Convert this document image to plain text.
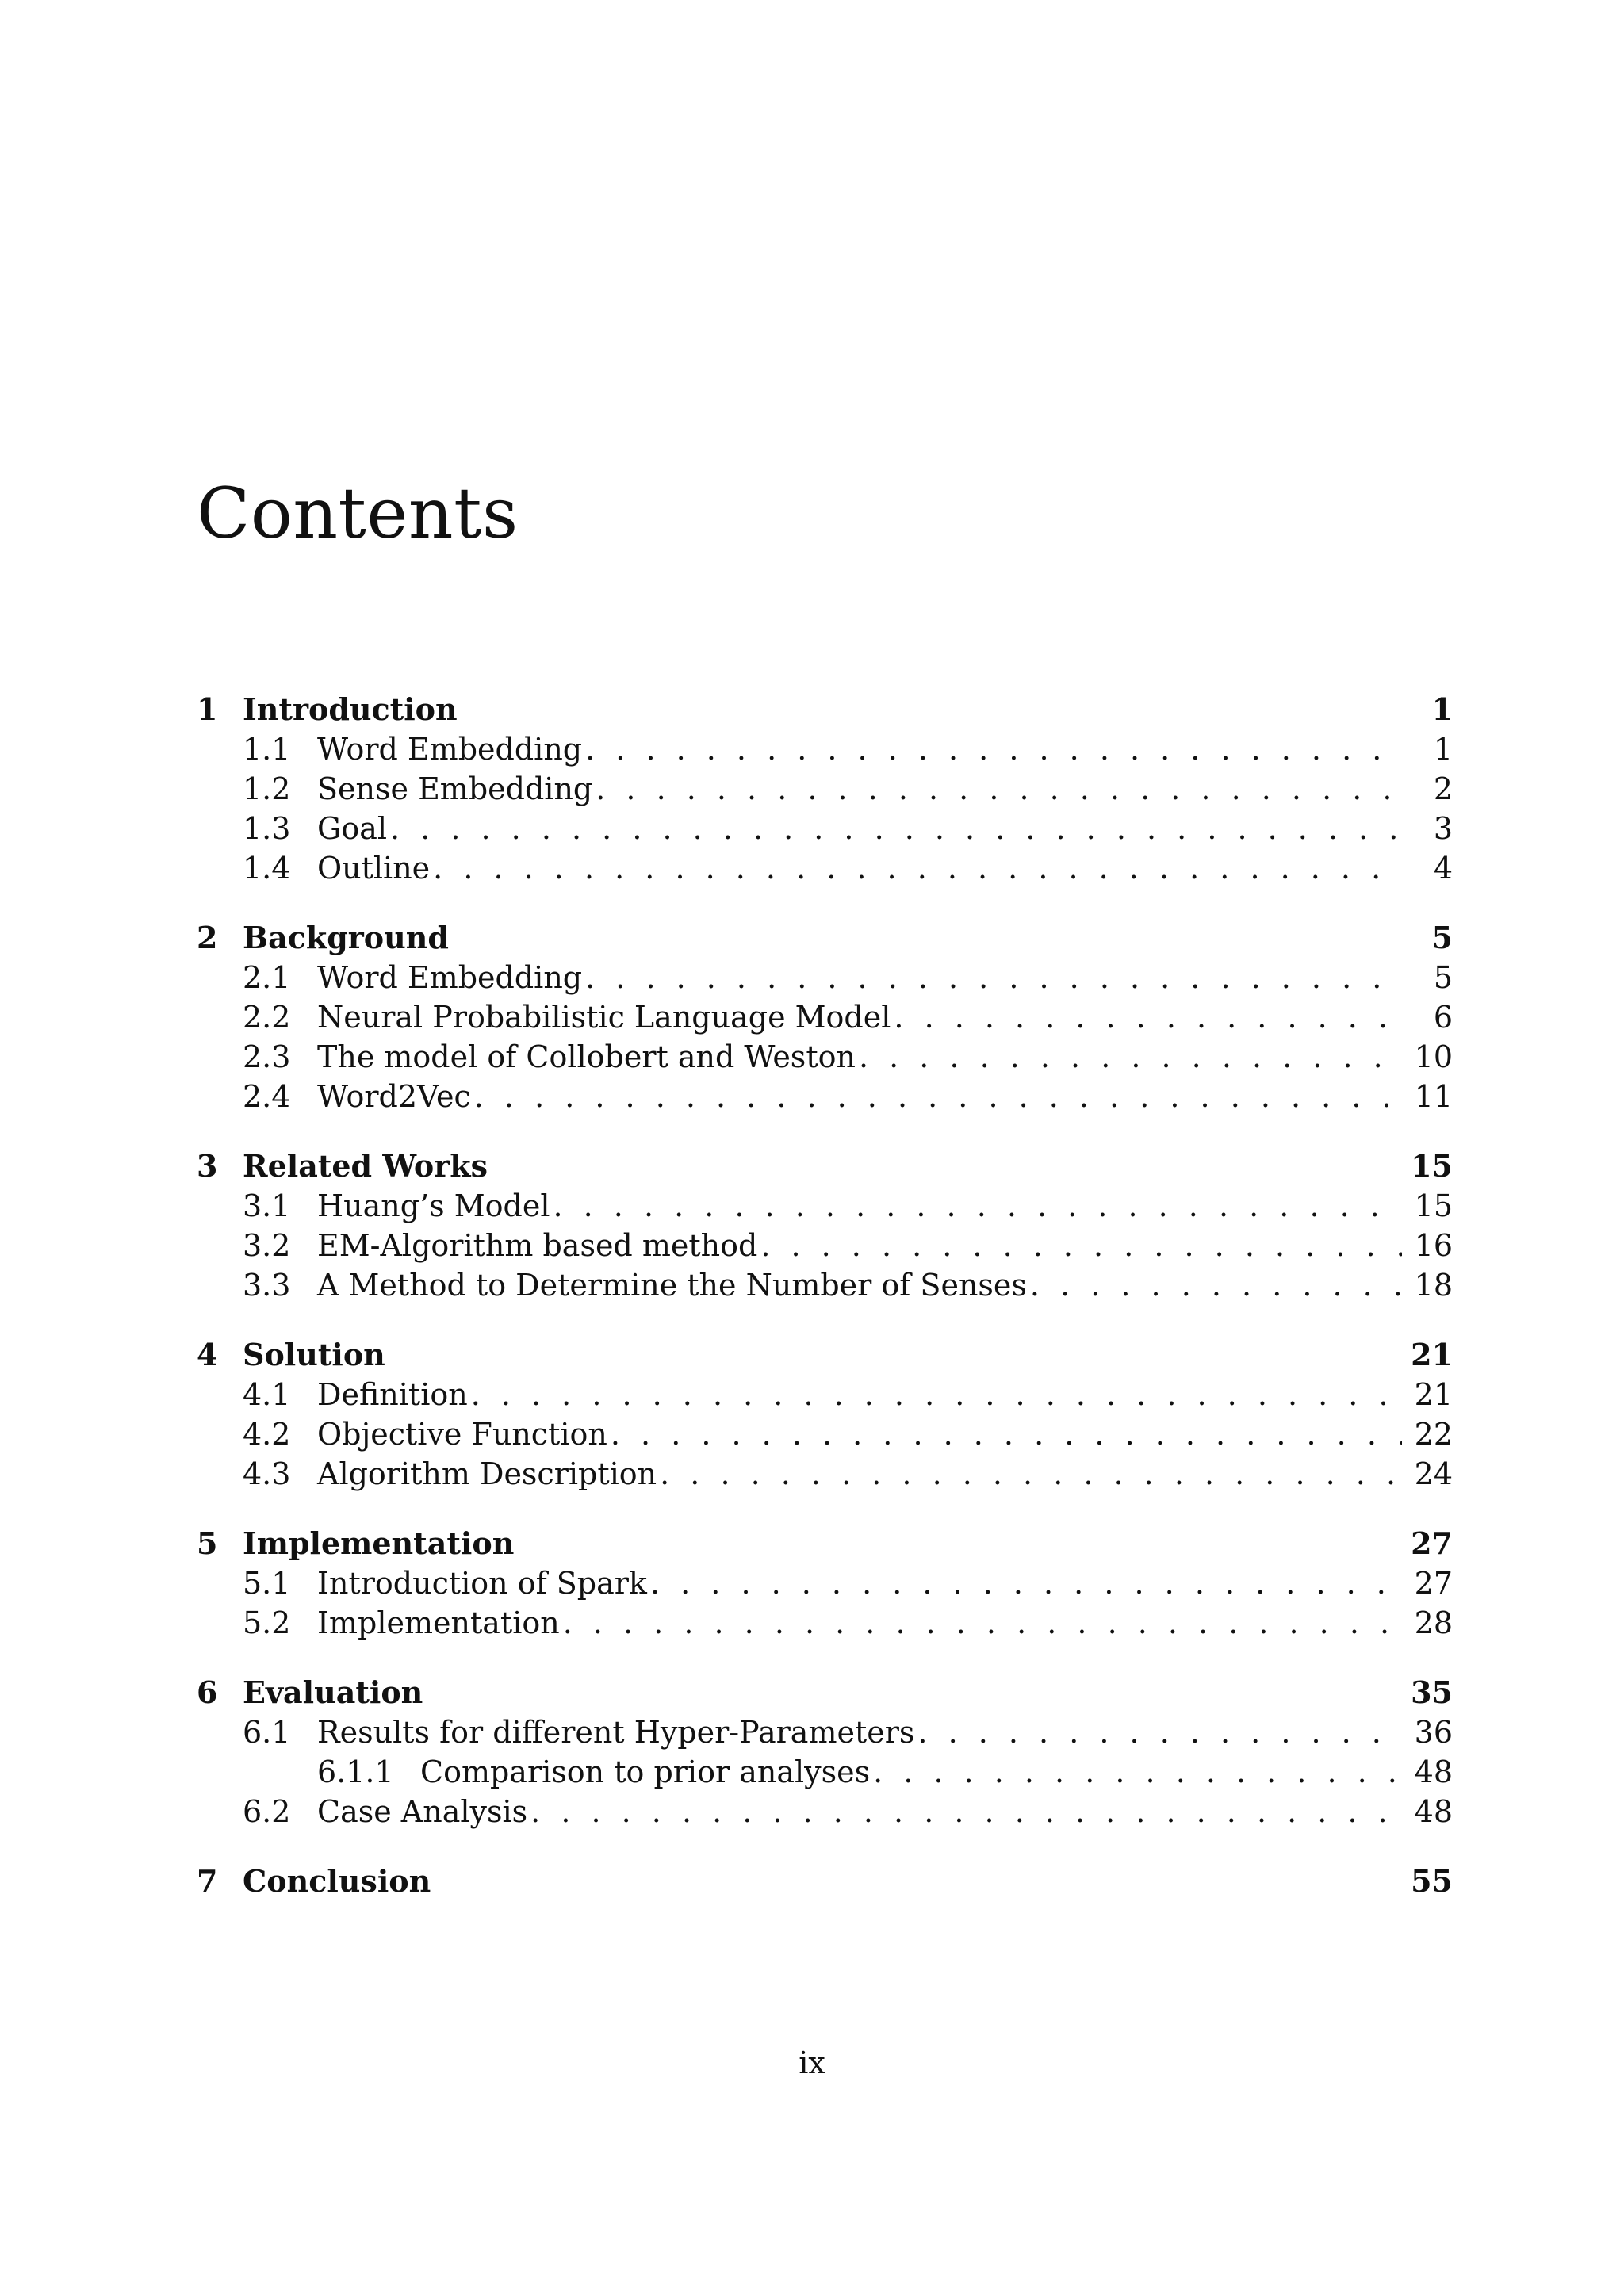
Contents
1 Introduction	1
1.1 Word Embedding . . .	1
1.2 Sense Embedding . . .	2
1.3 Goal . . .	3
1.4 Outline . . .	4
2 Background	5
2.1 Word Embedding . . .	5
2.2 Neural Probabilistic Language Model . . .	6
2.3 The model of Collobert and Weston . . .	10
2.4 Word2Vec . . .	11
3 Related Works	15
3.1 Huang’s Model . . .	15
3.2 EM-Algorithm based method . . .	16
3.3 A Method to Determine the Number of Senses . . .	18
4 Solution	21
4.1 Definition . . .	21
4.2 Objective Function . . .	22
4.3 Algorithm Description . . .	24
5 Implementation	27
5.1 Introduction of Spark . . .	27
5.2 Implementation . . .	28
6 Evaluation	35
6.1 Results for different Hyper-Parameters . . .	36
6.1.1 Comparison to prior analyses . . .	48
6.2 Case Analysis . . .	48
7 Conclusion	55
ix
